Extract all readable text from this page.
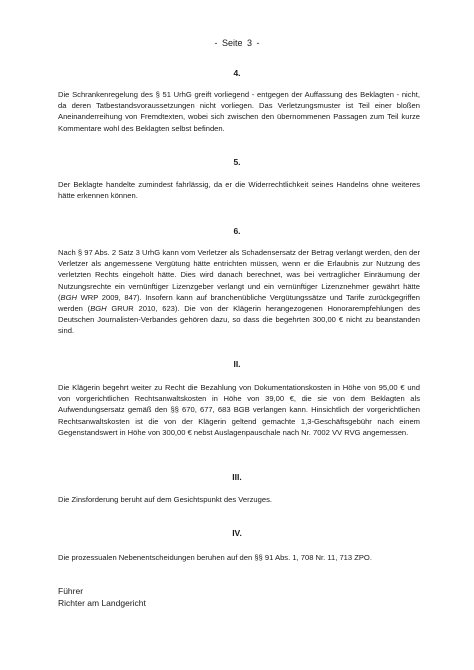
- Seite 3 -
4.
Die Schrankenregelung des § 51 UrhG greift vorliegend - entgegen der Auffassung des Beklagten - nicht, da deren Tatbestandsvoraussetzungen nicht vorliegen. Das Verletzungsmuster ist Teil einer bloßen Aneinanderreihung von Fremdtexten, wobei sich zwischen den übernommenen Passagen zum Teil kurze Kommentare wohl des Beklagten selbst befinden.
5.
Der Beklagte handelte zumindest fahrlässig, da er die Widerrechtlichkeit seines Handelns ohne weiteres hätte erkennen können.
6.
Nach § 97 Abs. 2 Satz 3 UrhG kann vom Verletzer als Schadensersatz der Betrag verlangt werden, den der Verletzer als angemessene Vergütung hätte entrichten müssen, wenn er die Erlaubnis zur Nutzung des verletzten Rechts eingeholt hätte. Dies wird danach berechnet, was bei vertraglicher Einräumung der Nutzungsrechte ein vernünftiger Lizenzgeber verlangt und ein vernünftiger Lizenznehmer gewährt hätte (BGH WRP 2009, 847). Insofern kann auf branchenübliche Vergütungssätze und Tarife zurückgegriffen werden (BGH GRUR 2010, 623). Die von der Klägerin herangezogenen Honorarempfehlungen des Deutschen Journalisten-Verbandes gehören dazu, so dass die begehrten 300,00 € nicht zu beanstanden sind.
II.
Die Klägerin begehrt weiter zu Recht die Bezahlung von Dokumentationskosten in Höhe von 95,00 € und von vorgerichtlichen Rechtsanwaltskosten in Höhe von 39,00 €, die sie von dem Beklagten als Aufwendungsersatz gemäß den §§ 670, 677, 683 BGB verlangen kann. Hinsichtlich der vorgerichtlichen Rechtsanwaltskosten ist die von der Klägerin geltend gemachte 1,3-Geschäftsgebühr nach einem Gegenstandswert in Höhe von 300,00 € nebst Auslagenpauschale nach Nr. 7002 VV RVG angemessen.
III.
Die Zinsforderung beruht auf dem Gesichtspunkt des Verzuges.
IV.
Die prozessualen Nebenentscheidungen beruhen auf den §§ 91 Abs. 1, 708 Nr. 11, 713 ZPO.
Führer
Richter am Landgericht
